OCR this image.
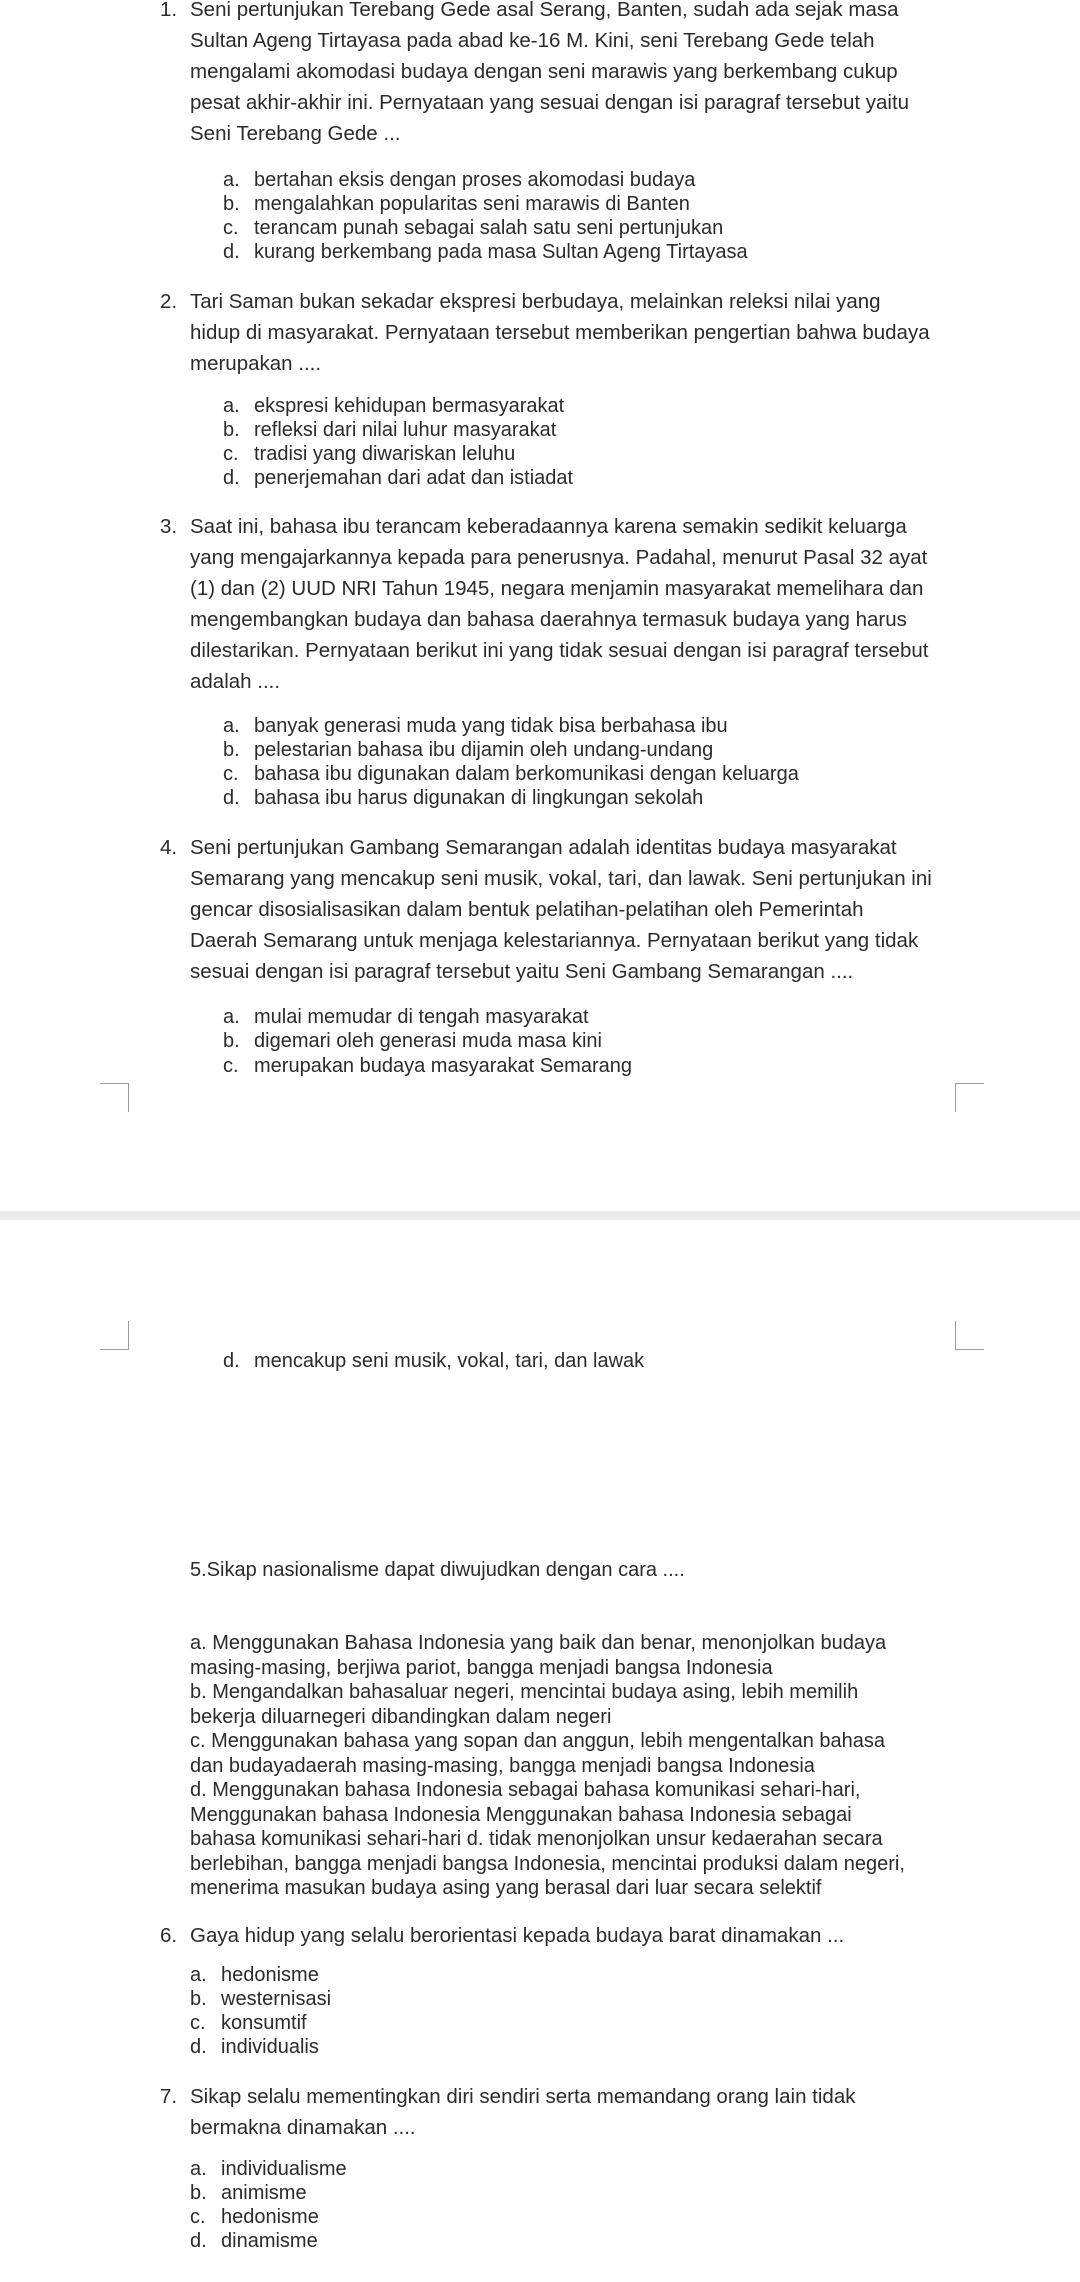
1. Seni pertunjukan Terebang Gede asal Serang, Banten, sudah ada sejak masa
Sultan Ageng Tirtayasa pada abad ke-16 M. Kini, seni Terebang Gede telah
mengalami akomodasi budaya dengan seni marawis yang berkembang cukup
pesat akhir-akhir ini. Pernyataan yang sesuai dengan isi paragraf tersebut yaitu
Seni Terebang Gede ...
a. bertahan eksis dengan proses akomodasi budaya
b. mengalahkan popularitas seni marawis di Banten
c. terancam punah sebagai salah satu seni pertunjukan
d. kurang berkembang pada masa Sultan Ageng Tirtayasa
2. Tari Saman bukan sekadar ekspresi berbudaya, melainkan releksi nilai yang
hidup di masyarakat. Pernyataan tersebut memberikan pengertian bahwa budaya
merupakan ....
a. ekspresi kehidupan bermasyarakat
b. refleksi dari nilai luhur masyarakat
c. tradisi yang diwariskan leluhu
d. penerjemahan dari adat dan istiadat
3. Saat ini, bahasa ibu terancam keberadaannya karena semakin sedikit keluarga
yang mengajarkannya kepada para penerusnya. Padahal, menurut Pasal 32 ayat
(1) dan (2) UUD NRI Tahun 1945, negara menjamin masyarakat memelihara dan
mengembangkan budaya dan bahasa daerahnya termasuk budaya yang harus
dilestarikan. Pernyataan berikut ini yang tidak sesuai dengan isi paragraf tersebut
adalah ....
a. banyak generasi muda yang tidak bisa berbahasa ibu
b. pelestarian bahasa ibu dijamin oleh undang-undang
c. bahasa ibu digunakan dalam berkomunikasi dengan keluarga
d. bahasa ibu harus digunakan di lingkungan sekolah
4. Seni pertunjukan Gambang Semarangan adalah identitas budaya masyarakat
Semarang yang mencakup seni musik, vokal, tari, dan lawak. Seni pertunjukan ini
gencar disosialisasikan dalam bentuk pelatihan-pelatihan oleh Pemerintah
Daerah Semarang untuk menjaga kelestariannya. Pernyataan berikut yang tidak
sesuai dengan isi paragraf tersebut yaitu Seni Gambang Semarangan ....
a. mulai memudar di tengah masyarakat
b. digemari oleh generasi muda masa kini
c. merupakan budaya masyarakat Semarang
d. mencakup seni musik, vokal, tari, dan lawak
5.Sikap nasionalisme dapat diwujudkan dengan cara ....
a. Menggunakan Bahasa Indonesia yang baik dan benar, menonjolkan budaya
masing-masing, berjiwa pariot, bangga menjadi bangsa Indonesia
b. Mengandalkan bahasaluar negeri, mencintai budaya asing, lebih memilih
bekerja diluarnegeri dibandingkan dalam negeri
c. Menggunakan bahasa yang sopan dan anggun, lebih mengentalkan bahasa
dan budayadaerah masing-masing, bangga menjadi bangsa Indonesia
d. Menggunakan bahasa Indonesia sebagai bahasa komunikasi sehari-hari,
Menggunakan bahasa Indonesia Menggunakan bahasa Indonesia sebagai
bahasa komunikasi sehari-hari d. tidak menonjolkan unsur kedaerahan secara
berlebihan, bangga menjadi bangsa Indonesia, mencintai produksi dalam negeri,
menerima masukan budaya asing yang berasal dari luar secara selektif
6. Gaya hidup yang selalu berorientasi kepada budaya barat dinamakan ...
a. hedonisme
b. westernisasi
c. konsumtif
d. individualis
7. Sikap selalu mementingkan diri sendiri serta memandang orang lain tidak
bermakna dinamakan ....
a. individualisme
b. animisme
c. hedonisme
d. dinamisme
